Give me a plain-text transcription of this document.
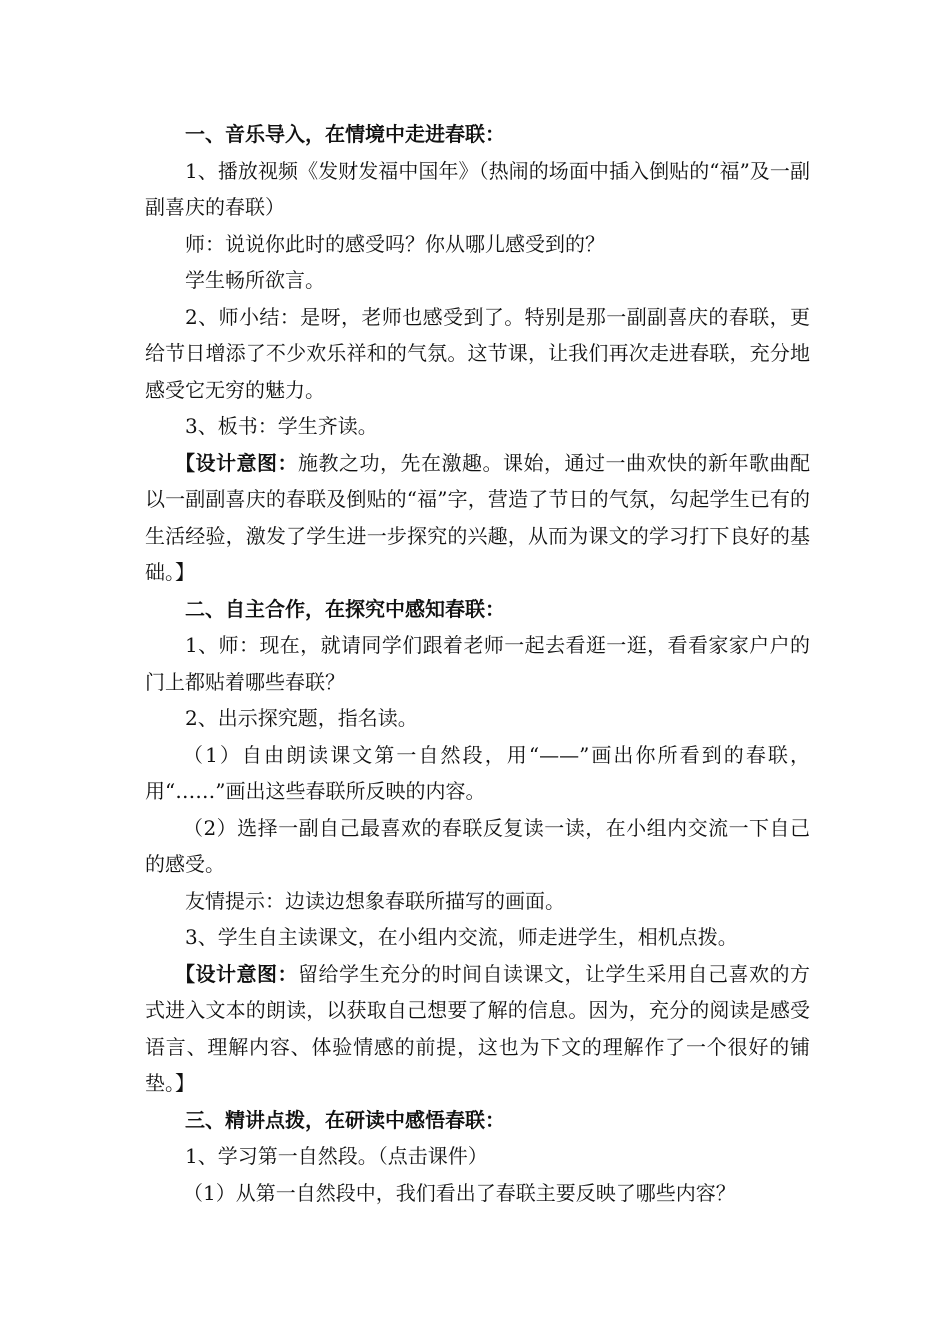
一、音乐导入，在情境中走进春联：

1、播放视频《发财发福中国年》（热闹的场面中插入倒贴的“福”及一副副喜庆的春联）

师：说说你此时的感受吗？你从哪儿感受到的？

学生畅所欲言。

2、师小结：是呀，老师也感受到了。特别是那一副副喜庆的春联，更给节日增添了不少欢乐祥和的气氛。这节课，让我们再次走进春联，充分地感受它无穷的魅力。

3、板书：学生齐读。

【设计意图：施教之功，先在激趣。课始，通过一曲欢快的新年歌曲配以一副副喜庆的春联及倒贴的“福”字，营造了节日的气氛，勾起学生已有的生活经验，激发了学生进一步探究的兴趣，从而为课文的学习打下良好的基础。】

二、自主合作，在探究中感知春联：

1、师：现在，就请同学们跟着老师一起去看逛一逛，看看家家户户的门上都贴着哪些春联？

2、出示探究题，指名读。

（1）自由朗读课文第一自然段，用“——”画出你所看到的春联，用“……”画出这些春联所反映的内容。

（2）选择一副自己最喜欢的春联反复读一读，在小组内交流一下自己的感受。

友情提示：边读边想象春联所描写的画面。

3、学生自主读课文，在小组内交流，师走进学生，相机点拨。

【设计意图：留给学生充分的时间自读课文，让学生采用自己喜欢的方式进入文本的朗读，以获取自己想要了解的信息。因为，充分的阅读是感受语言、理解内容、体验情感的前提，这也为下文的理解作了一个很好的铺垫。】

三、精讲点拨，在研读中感悟春联：

1、学习第一自然段。（点击课件）

（1）从第一自然段中，我们看出了春联主要反映了哪些内容？
